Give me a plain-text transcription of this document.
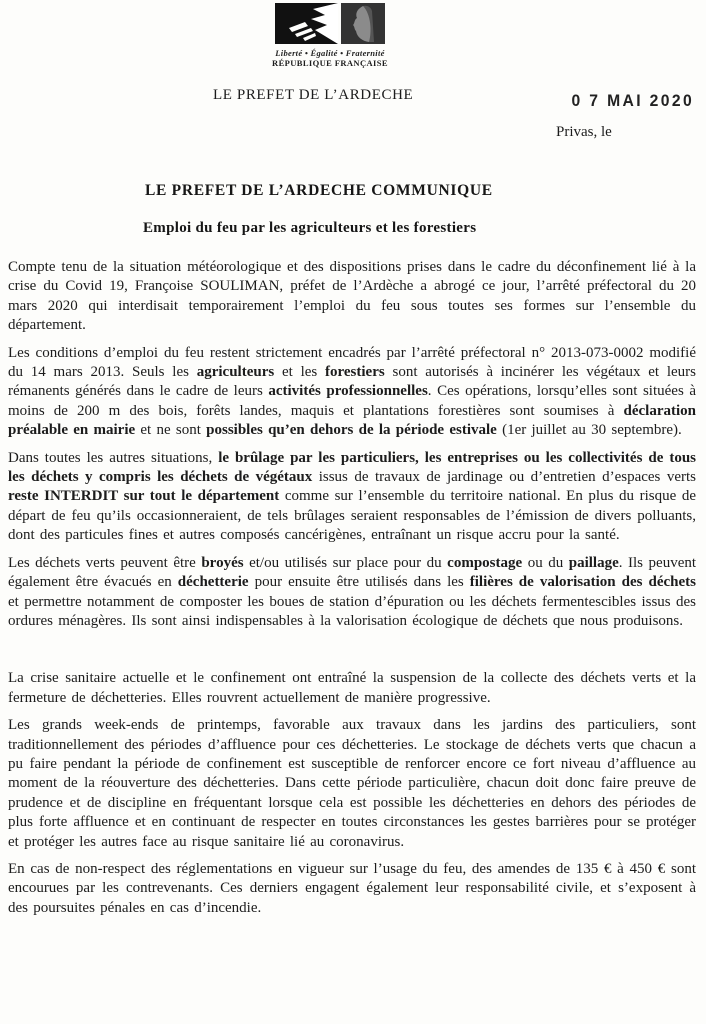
Liberté • Égalité • Fraternité
RÉPUBLIQUE FRANÇAISE
LE PREFET DE L’ARDECHE	0 7 MAI 2020
Privas, le
LE PREFET DE L’ARDECHE COMMUNIQUE
Emploi du feu par les agriculteurs et les forestiers

Compte tenu de la situation météorologique et des dispositions prises dans le cadre du déconfinement lié à la crise du Covid 19, Françoise SOULIMAN, préfet de l’Ardèche a abrogé ce jour, l’arrêté préfectoral du 20 mars 2020 qui interdisait temporairement l’emploi du feu sous toutes ses formes sur l’ensemble du département.

Les conditions d’emploi du feu restent strictement encadrés par l’arrêté préfectoral n° 2013-073-0002 modifié du 14 mars 2013. Seuls les agriculteurs et les forestiers sont autorisés à incinérer les végétaux et leurs rémanents générés dans le cadre de leurs activités professionnelles. Ces opérations, lorsqu’elles sont situées à moins de 200 m des bois, forêts landes, maquis et plantations forestières sont soumises à déclaration préalable en mairie et ne sont possibles qu’en dehors de la période estivale (1er juillet au 30 septembre).

Dans toutes les autres situations, le brûlage par les particuliers, les entreprises ou les collectivités de tous les déchets y compris les déchets de végétaux issus de travaux de jardinage ou d’entretien d’espaces verts reste INTERDIT sur tout le département comme sur l’ensemble du territoire national. En plus du risque de départ de feu qu’ils occasionneraient, de tels brûlages seraient responsables de l’émission de divers polluants, dont des particules fines et autres composés cancérigènes, entraînant un risque accru pour la santé.

Les déchets verts peuvent être broyés et/ou utilisés sur place pour du compostage ou du paillage. Ils peuvent également être évacués en déchetterie pour ensuite être utilisés dans les filières de valorisation des déchets et permettre notamment de composter les boues de station d’épuration ou les déchets fermentescibles issus des ordures ménagères. Ils sont ainsi indispensables à la valorisation écologique de déchets que nous produisons.

La crise sanitaire actuelle et le confinement ont entraîné la suspension de la collecte des déchets verts et la fermeture de déchetteries. Elles rouvrent actuellement de manière progressive.

Les grands week-ends de printemps, favorable aux travaux dans les jardins des particuliers, sont traditionnellement des périodes d’affluence pour ces déchetteries. Le stockage de déchets verts que chacun a pu faire pendant la période de confinement est susceptible de renforcer encore ce fort niveau d’affluence au moment de la réouverture des déchetteries. Dans cette période particulière, chacun doit donc faire preuve de prudence et de discipline en fréquentant lorsque cela est possible les déchetteries en dehors des périodes de plus forte affluence et en continuant de respecter en toutes circonstances les gestes barrières pour se protéger et protéger les autres face au risque sanitaire lié au coronavirus.

En cas de non-respect des réglementations en vigueur sur l’usage du feu, des amendes de 135 € à 450 € sont encourues par les contrevenants. Ces derniers engagent également leur responsabilité civile, et s’exposent à des poursuites pénales en cas d’incendie.
